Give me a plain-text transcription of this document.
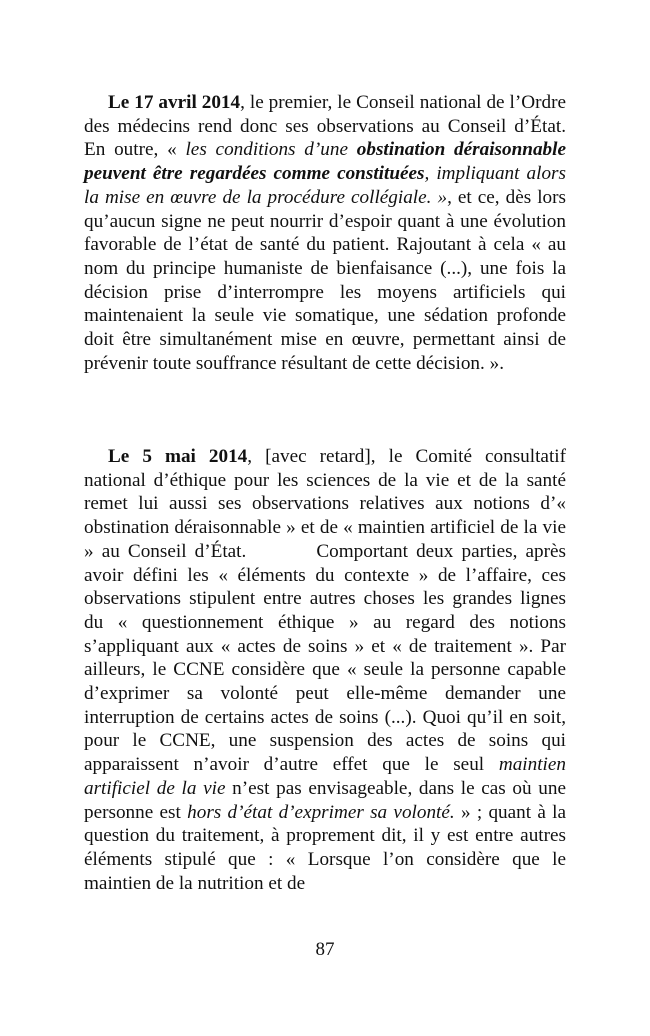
Le 17 avril 2014, le premier, le Conseil national de l’Ordre des médecins rend donc ses observations au Conseil d’État. En outre, « les conditions d’une obstination déraisonnable peuvent être regardées comme constituées, impliquant alors la mise en œuvre de la procédure collégiale. », et ce, dès lors qu’aucun signe ne peut nourrir d’espoir quant à une évolution favorable de l’état de santé du patient. Rajoutant à cela « au nom du principe humaniste de bienfaisance (...), une fois la décision prise d’interrompre les moyens artificiels qui maintenaient la seule vie somatique, une sédation profonde doit être simultanément mise en œuvre, permettant ainsi de prévenir toute souffrance résultant de cette décision. ».

Le 5 mai 2014, [avec retard], le Comité consultatif national d’éthique pour les sciences de la vie et de la santé remet lui aussi ses observations relatives aux notions d’« obstination déraisonnable » et de « maintien artificiel de la vie » au Conseil d’État.	Comportant deux parties, après avoir défini les « éléments du contexte » de l’affaire, ces observations stipulent entre autres choses les grandes lignes du « questionnement éthique » au regard des notions s’appliquant aux « actes de soins » et « de traitement ». Par ailleurs, le CCNE considère que « seule la personne capable d’exprimer sa volonté peut elle-même demander une interruption de certains actes de soins (...). Quoi qu’il en soit, pour le CCNE, une suspension des actes de soins qui apparaissent n’avoir d’autre effet que le seul maintien artificiel de la vie n’est pas envisageable, dans le cas où une personne est hors d’état d’exprimer sa volonté. » ; quant à la question du traitement, à proprement dit, il y est entre autres éléments stipulé que : « Lorsque l’on considère que le maintien de la nutrition et de

87
